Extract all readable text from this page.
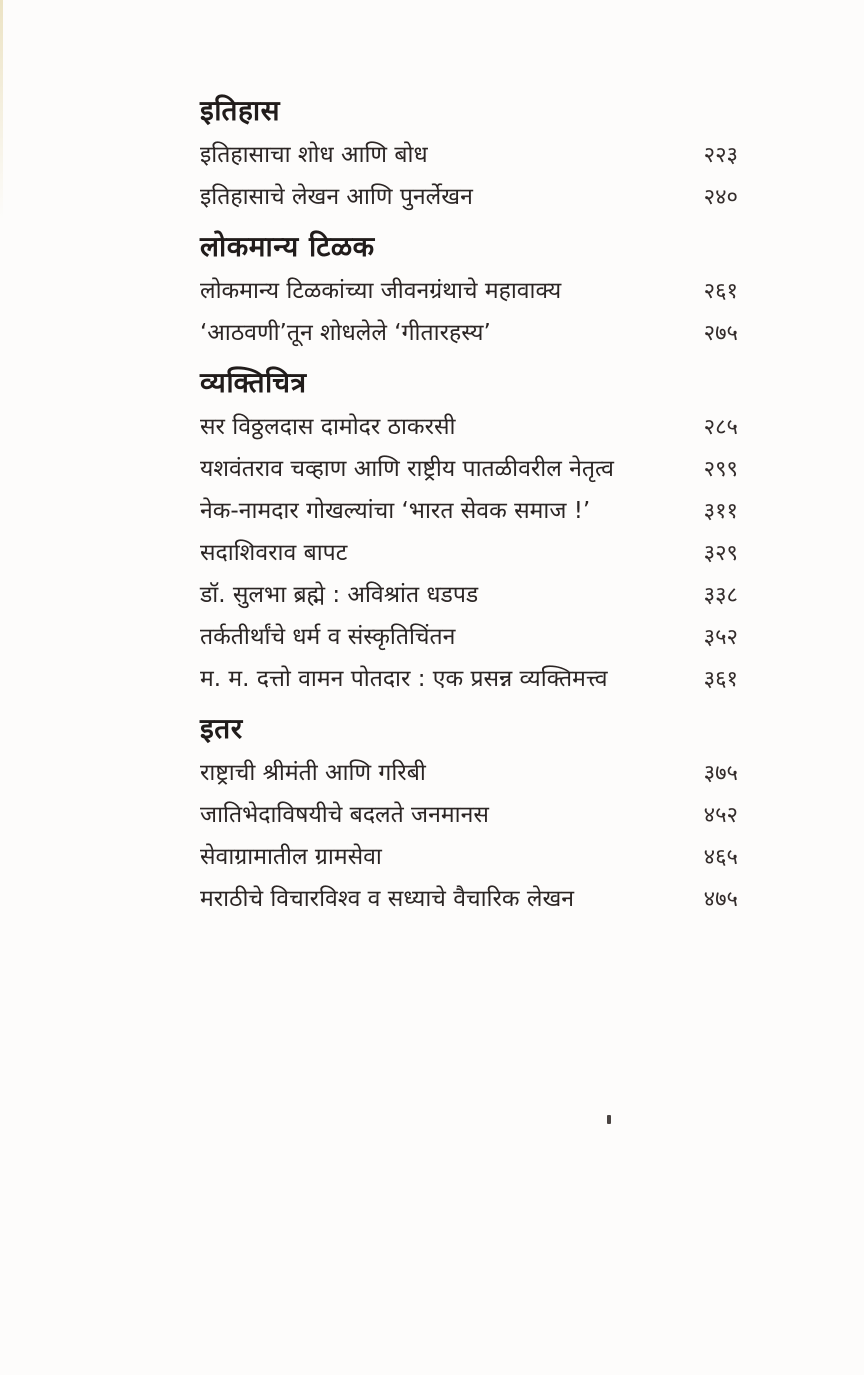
इतिहास
इतिहासाचा शोध आणि बोध	२२३
इतिहासाचे लेखन आणि पुनर्लेखन	२४०
लोकमान्य टिळक
लोकमान्य टिळकांच्या जीवनग्रंथाचे महावाक्य	२६१
‘आठवणी’तून शोधलेले ‘गीतारहस्य’	२७५
व्यक्तिचित्र
सर विठ्ठलदास दामोदर ठाकरसी	२८५
यशवंतराव चव्हाण आणि राष्ट्रीय पातळीवरील नेतृत्व	२९९
नेक-नामदार गोखल्यांचा ‘भारत सेवक समाज !’	३११
सदाशिवराव बापट	३२९
डॉ. सुलभा ब्रह्मे : अविश्रांत धडपड	३३८
तर्कतीर्थांचे धर्म व संस्कृतिचिंतन	३५२
म. म. दत्तो वामन पोतदार : एक प्रसन्न व्यक्तिमत्त्व	३६१
इतर
राष्ट्राची श्रीमंती आणि गरिबी	३७५
जातिभेदाविषयीचे बदलते जनमानस	४५२
सेवाग्रामातील ग्रामसेवा	४६५
मराठीचे विचारविश्व व सध्याचे वैचारिक लेखन	४७५
